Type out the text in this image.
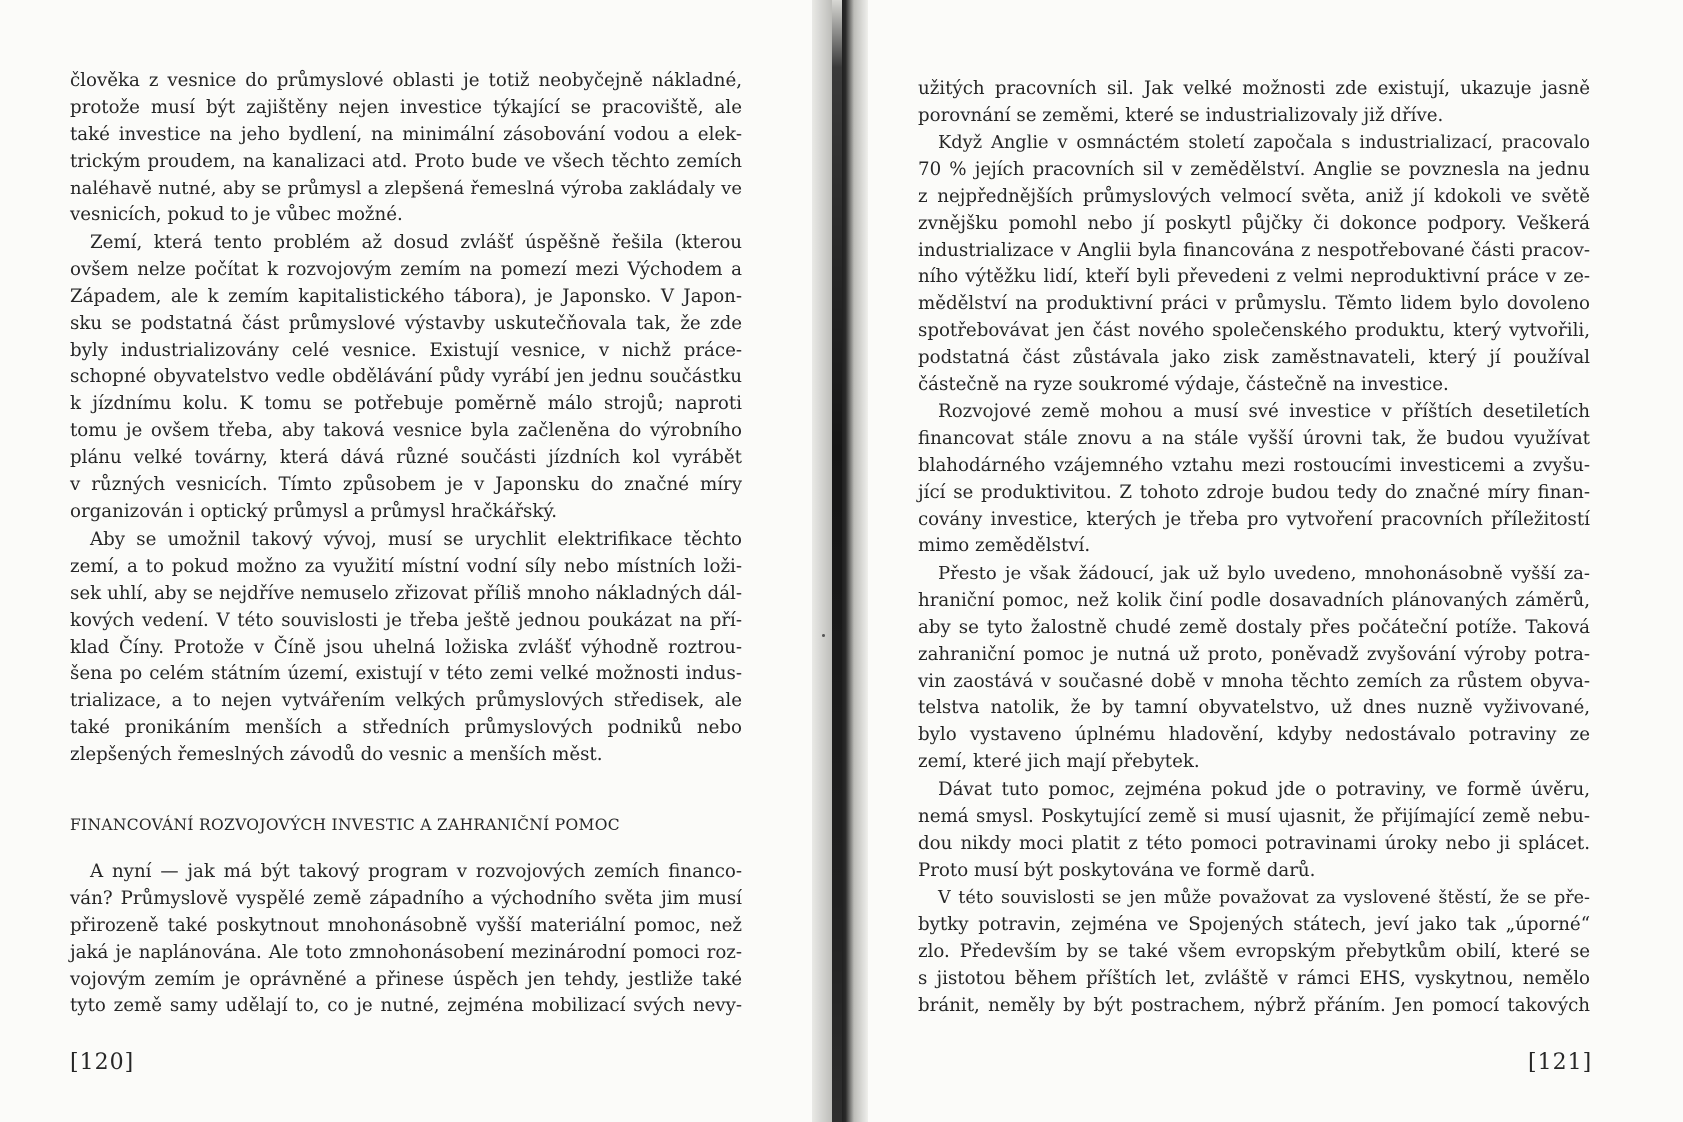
člověka z vesnice do průmyslové oblasti je totiž neobyčejně nákladné,
protože musí být zajištěny nejen investice týkající se pracoviště, ale
také investice na jeho bydlení, na minimální zásobování vodou a elek-
trickým proudem, na kanalizaci atd. Proto bude ve všech těchto zemích
naléhavě nutné, aby se průmysl a zlepšená řemeslná výroba zakládaly ve
vesnicích, pokud to je vůbec možné.
Zemí, která tento problém až dosud zvlášť úspěšně řešila (kterou
ovšem nelze počítat k rozvojovým zemím na pomezí mezi Východem a
Západem, ale k zemím kapitalistického tábora), je Japonsko. V Japon-
sku se podstatná část průmyslové výstavby uskutečňovala tak, že zde
byly industrializovány celé vesnice. Existují vesnice, v nichž práce-
schopné obyvatelstvo vedle obdělávání půdy vyrábí jen jednu součástku
k jízdnímu kolu. K tomu se potřebuje poměrně málo strojů; naproti
tomu je ovšem třeba, aby taková vesnice byla začleněna do výrobního
plánu velké továrny, která dává různé součásti jízdních kol vyrábět
v různých vesnicích. Tímto způsobem je v Japonsku do značné míry
organizován i optický průmysl a průmysl hračkářský.
Aby se umožnil takový vývoj, musí se urychlit elektrifikace těchto
zemí, a to pokud možno za využití místní vodní síly nebo místních loži-
sek uhlí, aby se nejdříve nemuselo zřizovat příliš mnoho nákladných dál-
kových vedení. V této souvislosti je třeba ještě jednou poukázat na pří-
klad Číny. Protože v Číně jsou uhelná ložiska zvlášť výhodně roztrou-
šena po celém státním území, existují v této zemi velké možnosti indus-
trializace, a to nejen vytvářením velkých průmyslových středisek, ale
také pronikáním menších a středních průmyslových podniků nebo
zlepšených řemeslných závodů do vesnic a menších měst.
FINANCOVÁNÍ ROZVOJOVÝCH INVESTIC A ZAHRANIČNÍ POMOC
A nyní — jak má být takový program v rozvojových zemích financo-
ván? Průmyslově vyspělé země západního a východního světa jim musí
přirozeně také poskytnout mnohonásobně vyšší materiální pomoc, než
jaká je naplánována. Ale toto zmnohonásobení mezinárodní pomoci roz-
vojovým zemím je oprávněné a přinese úspěch jen tehdy, jestliže také
tyto země samy udělají to, co je nutné, zejména mobilizací svých nevy-
[120]
užitých pracovních sil. Jak velké možnosti zde existují, ukazuje jasně
porovnání se zeměmi, které se industrializovaly již dříve.
Když Anglie v osmnáctém století započala s industrializací, pracovalo
70 % jejích pracovních sil v zemědělství. Anglie se povznesla na jednu
z nejpřednějších průmyslových velmocí světa, aniž jí kdokoli ve světě
zvnějšku pomohl nebo jí poskytl půjčky či dokonce podpory. Veškerá
industrializace v Anglii byla financována z nespotřebované části pracov-
ního výtěžku lidí, kteří byli převedeni z velmi neproduktivní práce v ze-
mědělství na produktivní práci v průmyslu. Těmto lidem bylo dovoleno
spotřebovávat jen část nového společenského produktu, který vytvořili,
podstatná část zůstávala jako zisk zaměstnavateli, který jí používal
částečně na ryze soukromé výdaje, částečně na investice.
Rozvojové země mohou a musí své investice v příštích desetiletích
financovat stále znovu a na stále vyšší úrovni tak, že budou využívat
blahodárného vzájemného vztahu mezi rostoucími investicemi a zvyšu-
jící se produktivitou. Z tohoto zdroje budou tedy do značné míry finan-
covány investice, kterých je třeba pro vytvoření pracovních příležitostí
mimo zemědělství.
Přesto je však žádoucí, jak už bylo uvedeno, mnohonásobně vyšší za-
hraniční pomoc, než kolik činí podle dosavadních plánovaných záměrů,
aby se tyto žalostně chudé země dostaly přes počáteční potíže. Taková
zahraniční pomoc je nutná už proto, poněvadž zvyšování výroby potra-
vin zaostává v současné době v mnoha těchto zemích za růstem obyva-
telstva natolik, že by tamní obyvatelstvo, už dnes nuzně vyživované,
bylo vystaveno úplnému hladovění, kdyby nedostávalo potraviny ze
zemí, které jich mají přebytek.
Dávat tuto pomoc, zejména pokud jde o potraviny, ve formě úvěru,
nemá smysl. Poskytující země si musí ujasnit, že přijímající země nebu-
dou nikdy moci platit z této pomoci potravinami úroky nebo ji splácet.
Proto musí být poskytována ve formě darů.
V této souvislosti se jen může považovat za vyslovené štěstí, že se pře-
bytky potravin, zejména ve Spojených státech, jeví jako tak „úporné“
zlo. Především by se také všem evropským přebytkům obilí, které se
s jistotou během příštích let, zvláště v rámci EHS, vyskytnou, nemělo
bránit, neměly by být postrachem, nýbrž přáním. Jen pomocí takových
[121]
